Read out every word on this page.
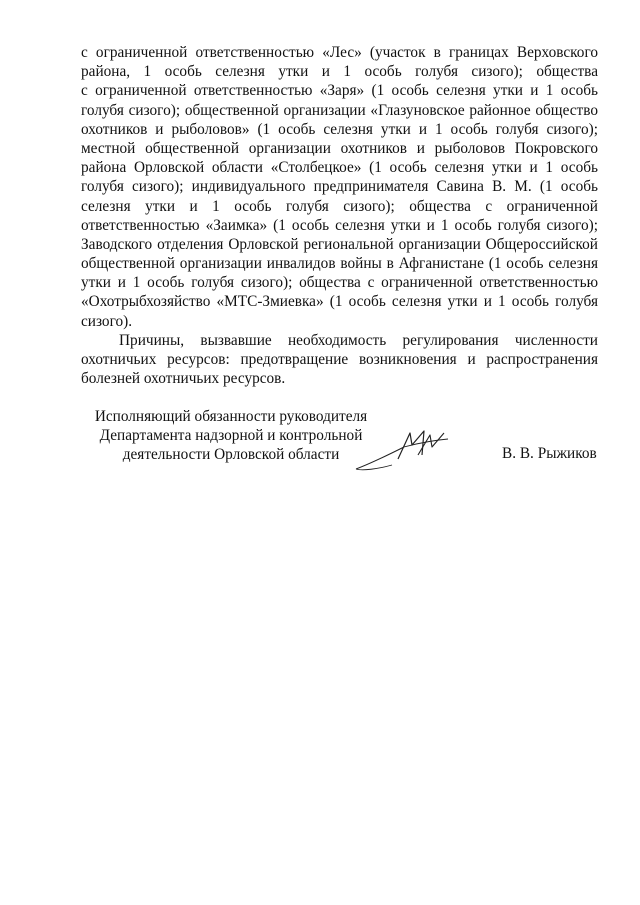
с ограниченной ответственностью «Лес» (участок в границах Верховского
района, 1 особь селезня утки и 1 особь голубя сизого); общества
с ограниченной ответственностью «Заря» (1 особь селезня утки и 1 особь
голубя сизого); общественной организации «Глазуновское районное общество
охотников и рыболовов» (1 особь селезня утки и 1 особь голубя сизого);
местной общественной организации охотников и рыболовов Покровского
района Орловской области «Столбецкое» (1 особь селезня утки и 1 особь
голубя сизого); индивидуального предпринимателя Савина В. М. (1 особь
селезня утки и 1 особь голубя сизого); общества с ограниченной
ответственностью «Заимка» (1 особь селезня утки и 1 особь голубя сизого);
Заводского отделения Орловской региональной организации Общероссийской
общественной организации инвалидов войны в Афганистане (1 особь селезня
утки и 1 особь голубя сизого); общества с ограниченной ответственностью
«Охотрыбхозяйство «МТС-Змиевка» (1 особь селезня утки и 1 особь голубя
сизого).
Причины, вызвавшие необходимость регулирования численности
охотничьих ресурсов: предотвращение возникновения и распространения
болезней охотничьих ресурсов.
Исполняющий обязанности руководителя
Департамента надзорной и контрольной
деятельности Орловской области	В. В. Рыжиков
